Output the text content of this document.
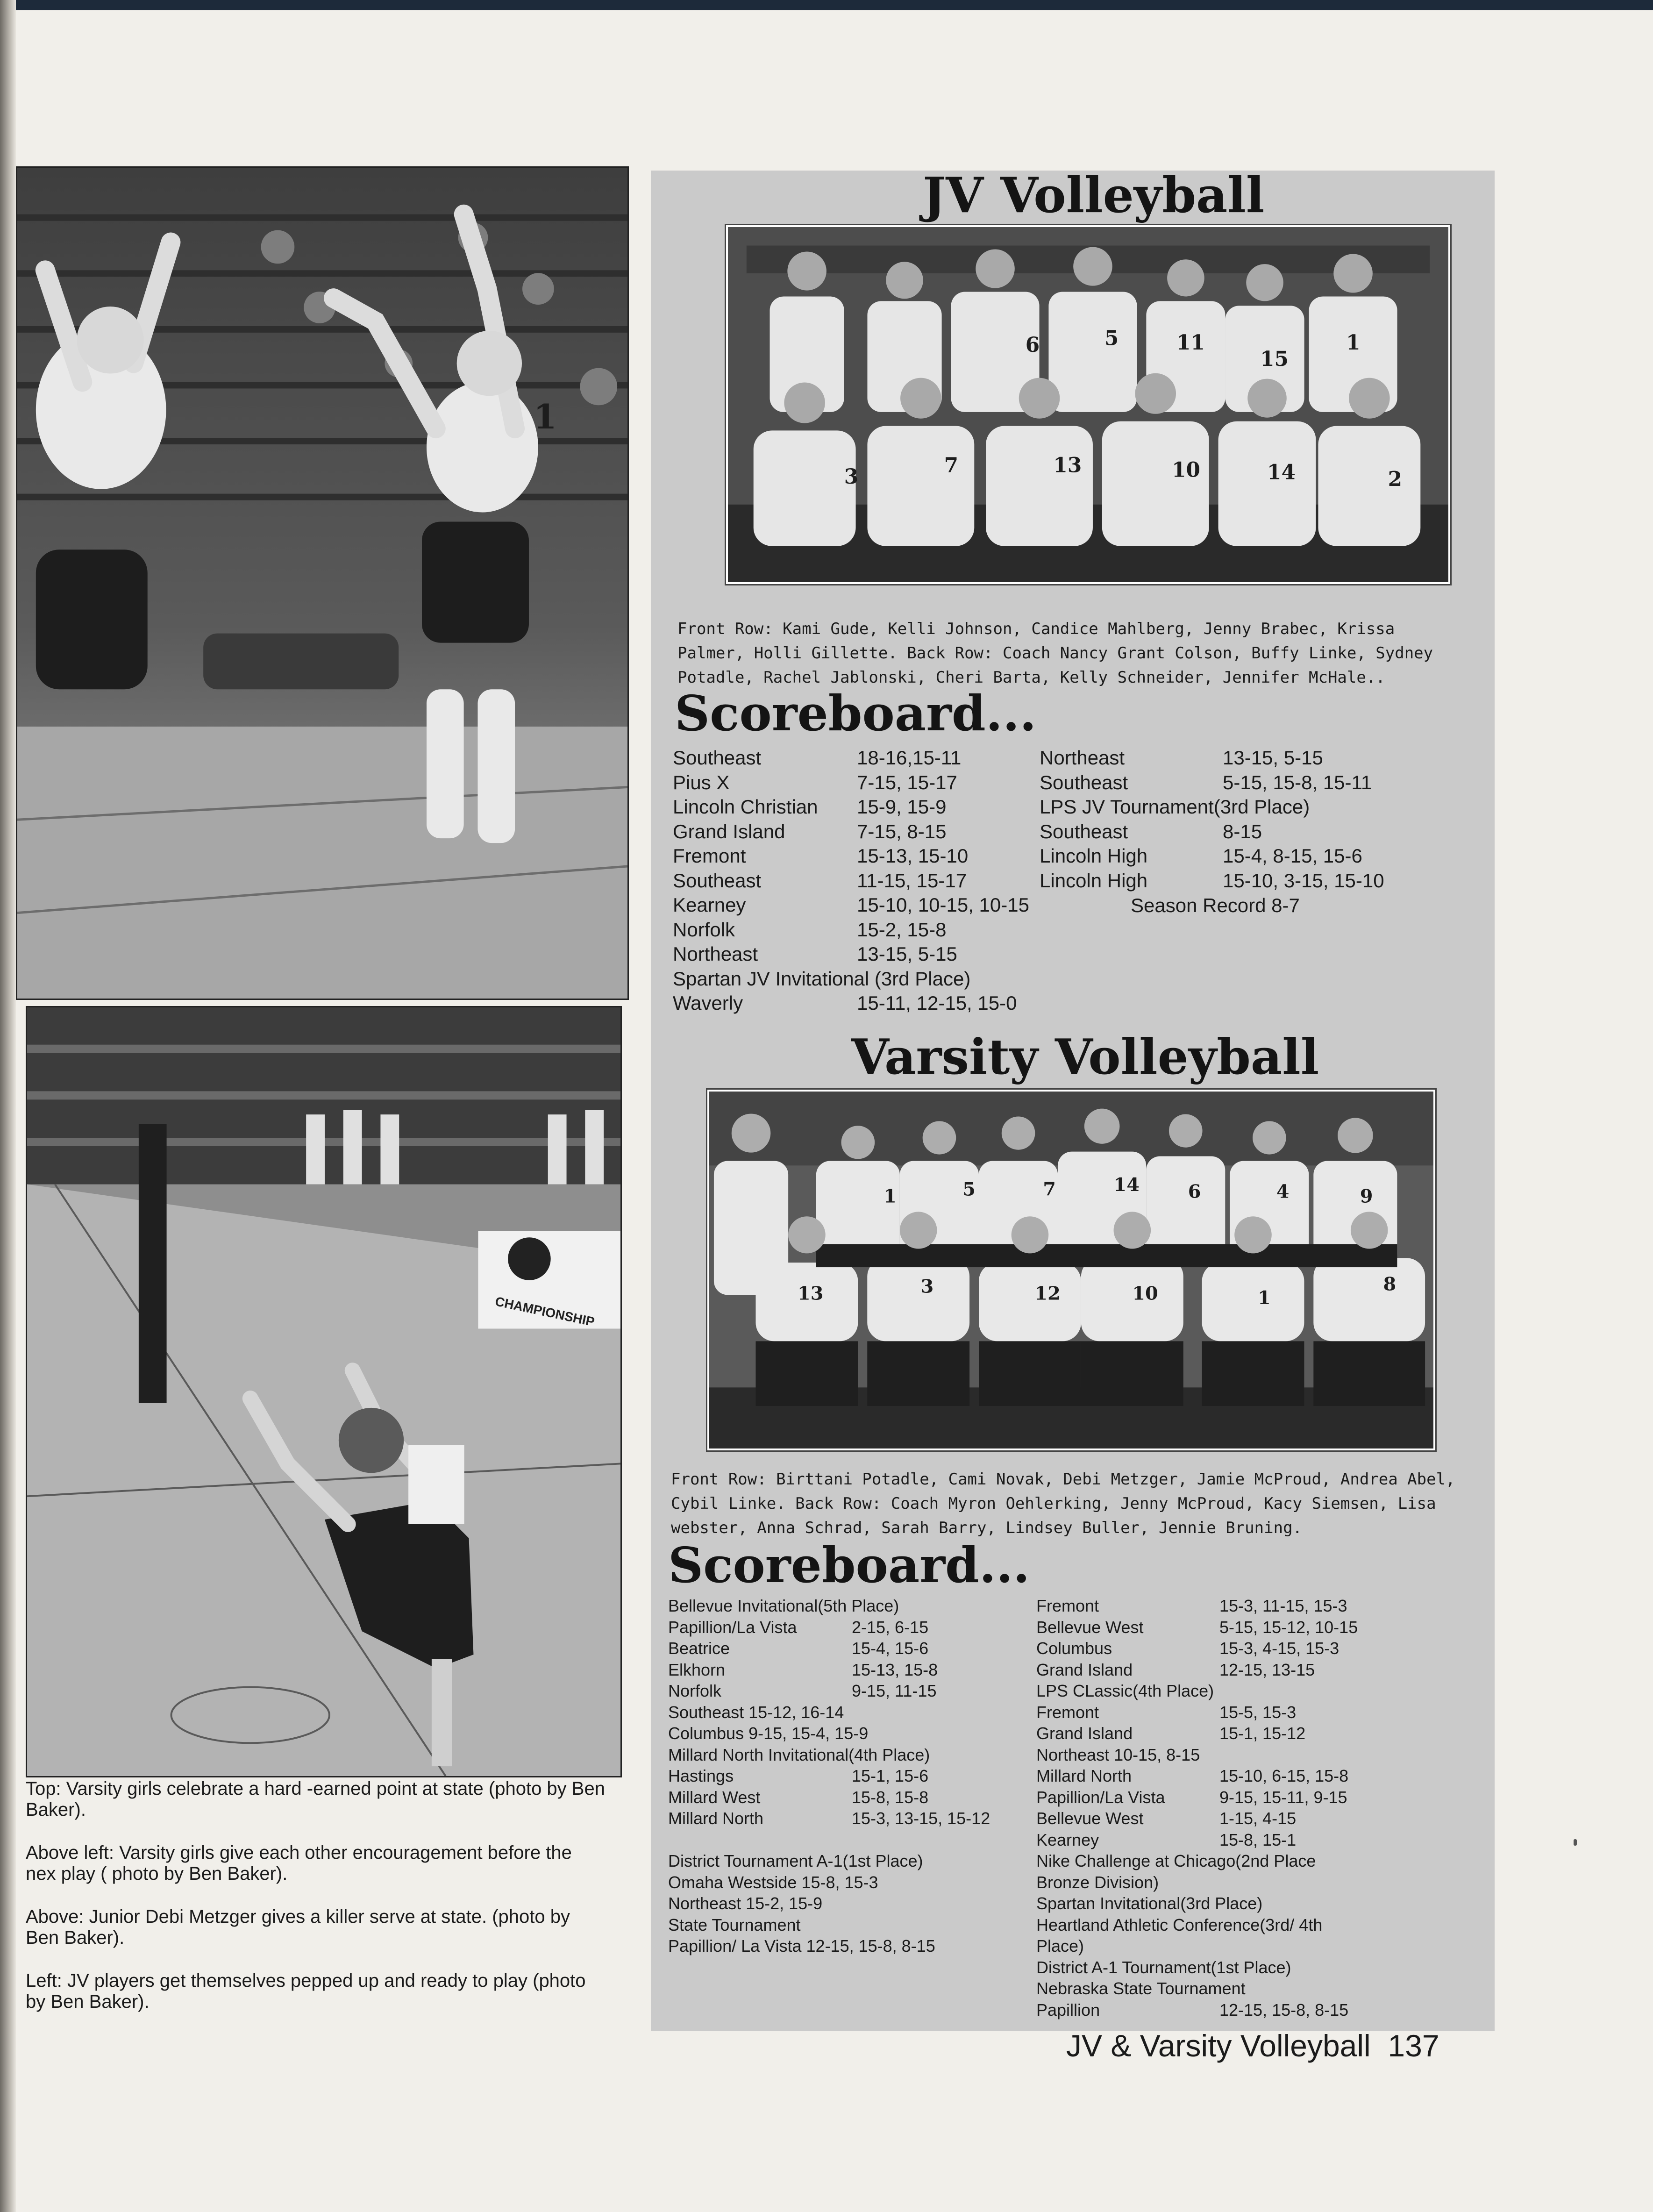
1
CHAMPIONSHIP
JV Volleyball
6	5	11
15
1
3	7	13	10	14	2
Front Row: Kami Gude, Kelli Johnson, Candice Mahlberg, Jenny Brabec, Krissa Palmer, Holli Gillette. Back Row: Coach Nancy Grant Colson, Buffy Linke, Sydney Potadle, Rachel Jablonski, Cheri Barta, Kelly Schneider, Jennifer McHale..
Scoreboard...
Southeast	18-16,15-11
Pius X	7-15, 15-17
Lincoln Christian 15-9, 15-9
Grand Island	7-15, 8-15
Fremont	15-13, 15-10
Southeast	11-15, 15-17
Kearney	15-10, 10-15, 10-15
Norfolk	15-2, 15-8
Northeast	13-15, 5-15
Spartan JV Invitational (3rd Place)
Waverly	15-11, 12-15, 15-0
Northeast	13-15, 5-15
Southeast	5-15, 15-8, 15-11
LPS JV Tournament(3rd Place)
Southeast	8-15
Lincoln High	15-4, 8-15, 15-6
Lincoln High	15-10, 3-15, 15-10
Season Record 8-7
Varsity Volleyball
1	5	7	14	6	4	9
13	3	12	10	1
8
Front Row: Birttani Potadle, Cami Novak, Debi Metzger, Jamie McProud, Andrea Abel, Cybil Linke. Back Row: Coach Myron Oehlerking, Jenny McProud, Kacy Siemsen, Lisa webster, Anna Schrad, Sarah Barry, Lindsey Buller, Jennie Bruning.
Scoreboard...
Bellevue Invitational(5th Place)
Papillion/La Vista	2-15, 6-15
Beatrice	15-4, 15-6
Elkhorn	15-13, 15-8
Norfolk	9-15, 11-15
Southeast 15-12, 16-14
Columbus 9-15, 15-4, 15-9
Millard North Invitational(4th Place)
Hastings	15-1, 15-6
Millard West	15-8, 15-8
Millard North	15-3, 13-15, 15-12
District Tournament A-1(1st Place)
Omaha Westside 15-8, 15-3
Northeast 15-2, 15-9
State Tournament
Papillion/ La Vista 12-15, 15-8, 8-15
Fremont	15-3, 11-15, 15-3
Bellevue West	5-15, 15-12, 10-15
Columbus	15-3, 4-15, 15-3
Grand Island	12-15, 13-15
LPS CLassic(4th Place)
Fremont	15-5, 15-3
Grand Island	15-1, 15-12
Northeast 10-15, 8-15
Millard North	15-10, 6-15, 15-8
Papillion/La Vista	9-15, 15-11, 9-15
Bellevue West	1-15, 4-15
Kearney	15-8, 15-1
Nike Challenge at Chicago(2nd Place
Bronze Division)
Spartan Invitational(3rd Place)
Heartland Athletic Conference(3rd/ 4th
Place)
District A-1 Tournament(1st Place)
Nebraska State Tournament
Papillion	12-15, 15-8, 8-15

Top: Varsity girls celebrate a hard -earned point at state (photo by Ben Baker).

Above left: Varsity girls give each other encouragement before the nex play ( photo by Ben Baker).

Above: Junior Debi Metzger gives a killer serve at state. (photo by Ben Baker).

Left: JV players get themselves pepped up and ready to play (photo by Ben Baker).

JV & Varsity Volleyball 137
